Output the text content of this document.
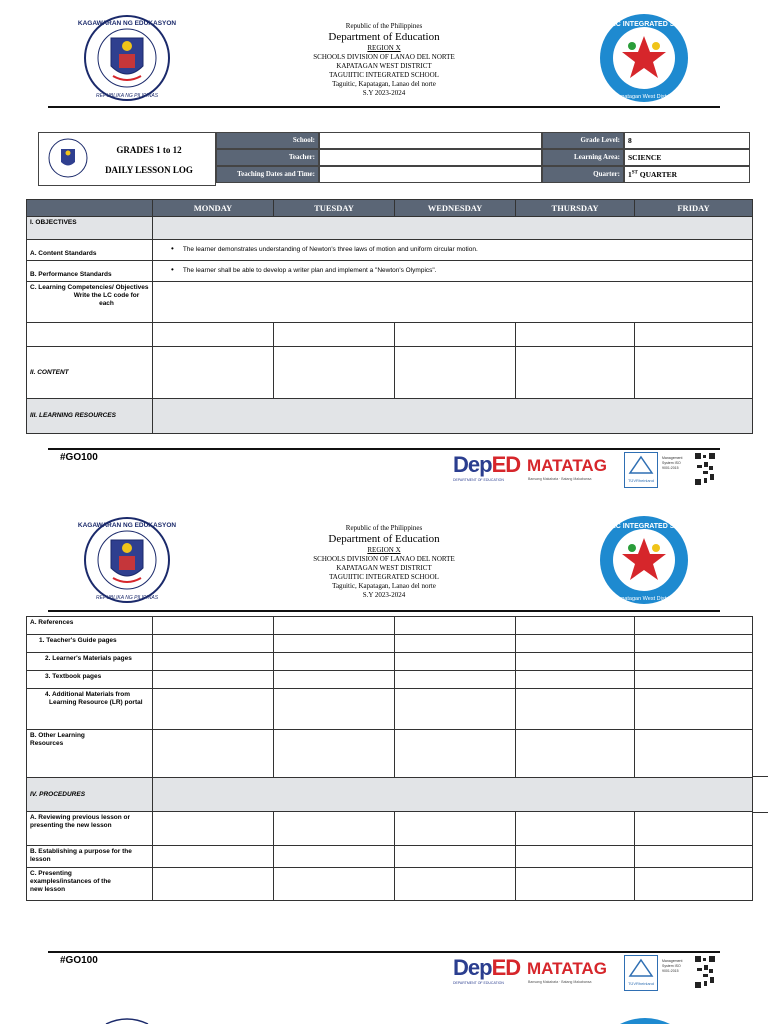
KAGAWARAN NG EDUKASYON
REPUBLIKA NG PILIPINAS
Republic of the Philippines
Department of Education
REGION X
SCHOOLS DIVISION OF LANAO DEL NORTE
KAPATAGAN WEST DISTRICT
TAGUIITIC INTEGRATED SCHOOL
Taguitic, Kapatagan, Lanao del norte
S.Y 2023-2024
TAGUITIC INTEGRATED SCHOOL
Kapatagan West District
GRADES 1 to 12
DAILY LESSON LOG
School:
Teacher:
Teaching Dates and Time:
Grade Level:	8
Learning Area:	SCIENCE
Quarter:	1ST QUARTER
	MONDAY	TUESDAY	WEDNESDAY	THURSDAY	FRIDAY

I. OBJECTIVES					

A. Content Standards	• The learner demonstrates understanding of Newton's three laws of motion and uniform circular motion.

B. Performance Standards	• The learner shall be able to develop a writer plan and implement a "Newton's Olympics".

C. Learning Competencies/ Objectives
Write the LC code for each					

II. CONTENT					

III. LEARNING RESOURCES					

#GO100	DepED
DEPARTMENT OF EDUCATION
MATATAG
Bansang Makabata · Batang Makabansa	TÜVRheinland
Management System ISO 9001:2015
KAGAWARAN NG EDUKASYON
REPUBLIKA NG PILIPINAS
Republic of the Philippines
Department of Education
REGION X
SCHOOLS DIVISION OF LANAO DEL NORTE
KAPATAGAN WEST DISTRICT
TAGUIITIC INTEGRATED SCHOOL
Taguitic, Kapatagan, Lanao del norte
S.Y 2023-2024
TAGUITIC INTEGRATED SCHOOL
Kapatagan West District
A. References					

1. Teacher's Guide pages					

2. Learner's Materials pages					

3. Textbook pages					

4. Additional Materials from Learning Resource (LR) portal					

B. Other Learning Resources					

IV. PROCEDURES					

A. Reviewing previous lesson or presenting the new lesson					

B. Establishing a purpose for the lesson					

C. Presenting examples/instances of the new lesson					

#GO100	DepED
DEPARTMENT OF EDUCATION
MATATAG
Bansang Makabata · Batang Makabansa	TÜVRheinland
Management System ISO 9001:2015
